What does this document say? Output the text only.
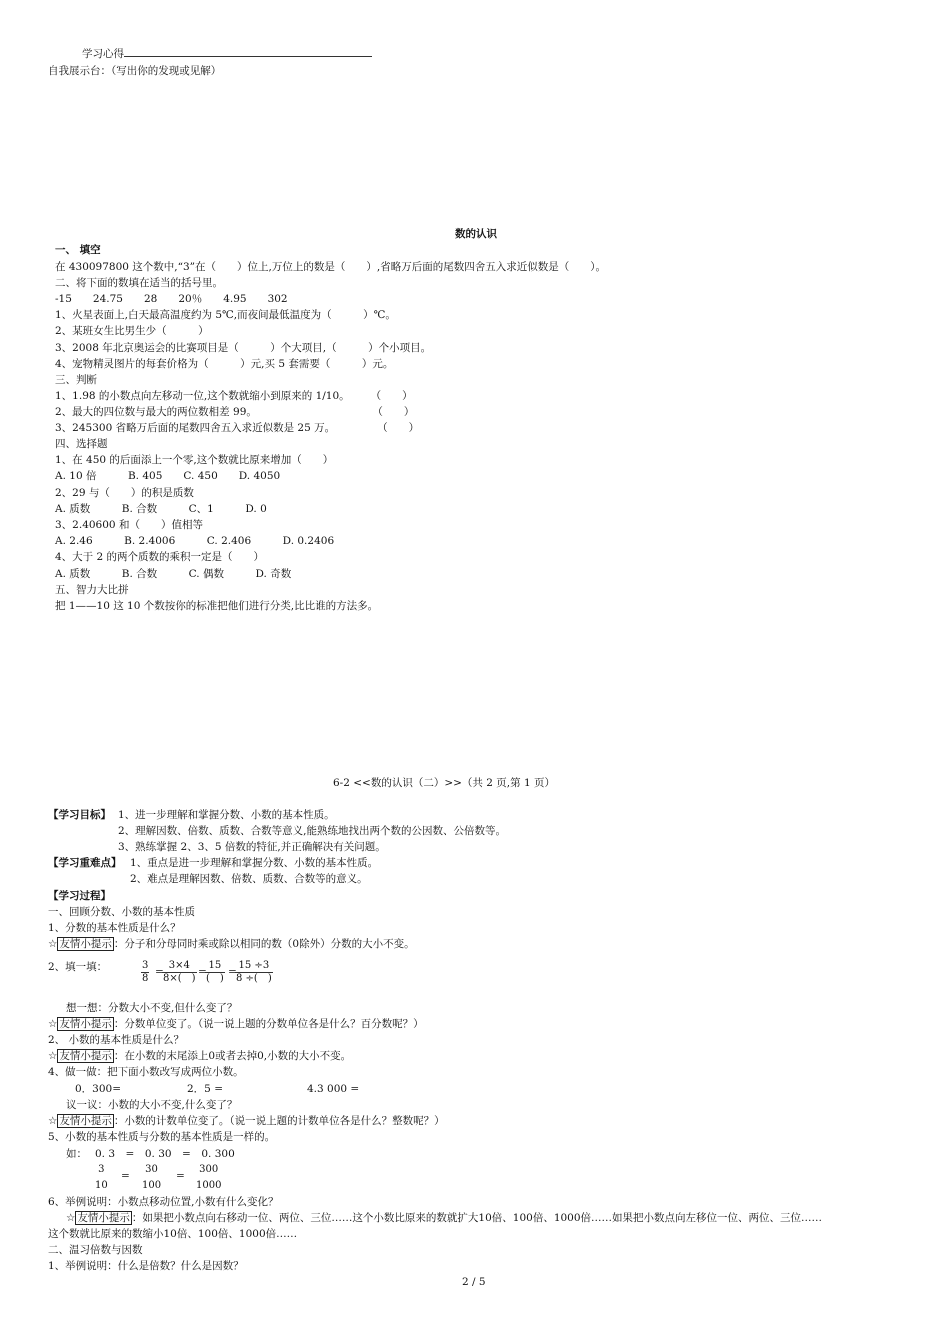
学习心得
自我展示台：（写出你的发现或见解）
数的认识
一、 填空
在 430097800 这个数中,“3”在（　　）位上,万位上的数是（　　）,省略万后面的尾数四舍五入求近似数是（　　）。
二、将下面的数填在适当的括号里。
-15　　24.75　　28　　20％　　4.95　　302
1、火星表面上,白天最高温度约为 5℃,而夜间最低温度为（　　　）℃。
2、某班女生比男生少（　　　）
3、2008 年北京奥运会的比赛项目是（　　　）个大项目,（　　　）个小项目。
4、宠物精灵图片的每套价格为（　　　）元,买 5 套需要（　　　）元。
三、判断
1、1.98 的小数点向左移动一位,这个数就缩小到原来的 1/10。　　　（　　）
2、最大的四位数与最大的两位数相差 99。　　　　　　　　　　　　（　　）
3、245300 省略万后面的尾数四舍五入求近似数是 25 万。　　　　　（　　）
四、选择题
1、在 450 的后面添上一个零,这个数就比原来增加（　　）
A. 10 倍　　　B. 405　　C. 450　　D. 4050
2、29 与（　　）的积是质数
A. 质数　　　B. 合数　　　C、1　　　D. 0
3、2.40600 和（　　）值相等
A. 2.46　　　B. 2.4006　　　C. 2.406　　　D. 0.2406
4、大于 2 的两个质数的乘积一定是（　　）
A. 质数　　　B. 合数　　　C. 偶数　　　D. 奇数
五、智力大比拼
把 1——10 这 10 个数按你的标准把他们进行分类,比比谁的方法多。
6-2 <<数的认识（二）>>（共 2 页,第 1 页）
【学习目标】 1、进一步理解和掌握分数、小数的基本性质。
2、理解因数、倍数、质数、合数等意义,能熟练地找出两个数的公因数、公倍数等。
3、熟练掌握 2、3、5 倍数的特征,并正确解决有关问题。
【学习重难点】 1、重点是进一步理解和掌握分数、小数的基本性质。
2、难点是理解因数、倍数、质数、合数等的意义。
【学习过程】
一、回顾分数、小数的基本性质
1、分数的基本性质是什么？
☆ 友情小提示 ：分子和分母同时乘或除以相同的数（0除外）分数的大小不变。
2、填一填：	$\frac{3}{8}$ =
$\frac{3\times 4}{8\times( )}$ =
15
(　)
=
$\frac{15 \div 3}{8 \div( )}$
想一想：分数大小不变,但什么变了？
☆ 友情小提示 ：分数单位变了。（说一说上题的分数单位各是什么？百分数呢？）
2、 小数的基本性质是什么？
☆ 友情小提示 ：在小数的末尾添上0或者去掉0,小数的大小不变。
4、做一做：把下面小数改写成两位小数。
0．300=	2．5 =	4.3 000 =
议一议：小数的大小不变,什么变了？
☆ 友情小提示 ：小数的计数单位变了。（说一说上题的计数单位各是什么？整数呢？）
5、小数的基本性质与分数的基本性质是一样的。
如： 0. 3　=　0. 30　=　0. 300
3
10
=
30
100
=
300
1000
6、举例说明：小数点移动位置,小数有什么变化？
☆ 友情小提示 ：如果把小数点向右移动一位、两位、三位……这个小数比原来的数就扩大10倍、100倍、1000倍……如果把小数点向左移位一位、两位、三位……
这个数就比原来的数缩小10倍、100倍、1000倍……
二、温习倍数与因数
1、举例说明：什么是倍数？什么是因数？
2 / 5
